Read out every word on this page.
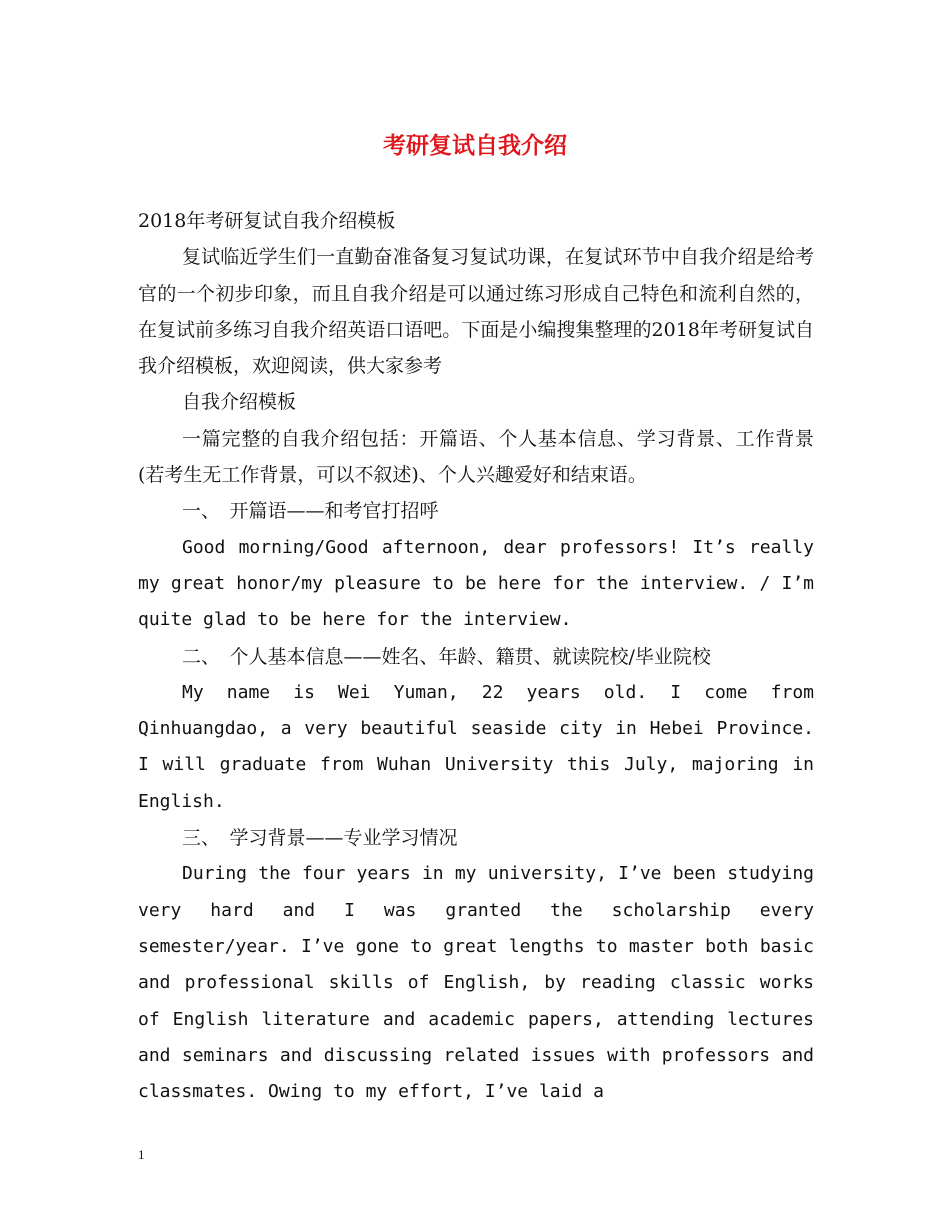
考研复试自我介绍

2018年考研复试自我介绍模板

复试临近学生们一直勤奋准备复习复试功课，在复试环节中自我介绍是给考官的一个初步印象，而且自我介绍是可以通过练习形成自己特色和流利自然的，在复试前多练习自我介绍英语口语吧。下面是小编搜集整理的2018年考研复试自我介绍模板，欢迎阅读，供大家参考

自我介绍模板

一篇完整的自我介绍包括：开篇语、个人基本信息、学习背景、工作背景(若考生无工作背景，可以不叙述)、个人兴趣爱好和结束语。

一、　开篇语——和考官打招呼

Good morning/Good afternoon, dear professors! It’s really my great honor/my pleasure to be here for the interview. / I’m quite glad to be here for the interview.

二、　个人基本信息——姓名、年龄、籍贯、就读院校/毕业院校

My name is Wei Yuman, 22 years old. I come from Qinhuangdao, a very beautiful seaside city in Hebei Province. I will graduate from Wuhan University this July, majoring in English.

三、　学习背景——专业学习情况

During the four years in my university, I’ve been studying very hard and I was granted the scholarship every semester/year. I’ve gone to great lengths to master both basic and professional skills of English, by reading classic works of English literature and academic papers, attending lectures and seminars and discussing related issues with professors and classmates. Owing to my effort, I’ve laid a

1
